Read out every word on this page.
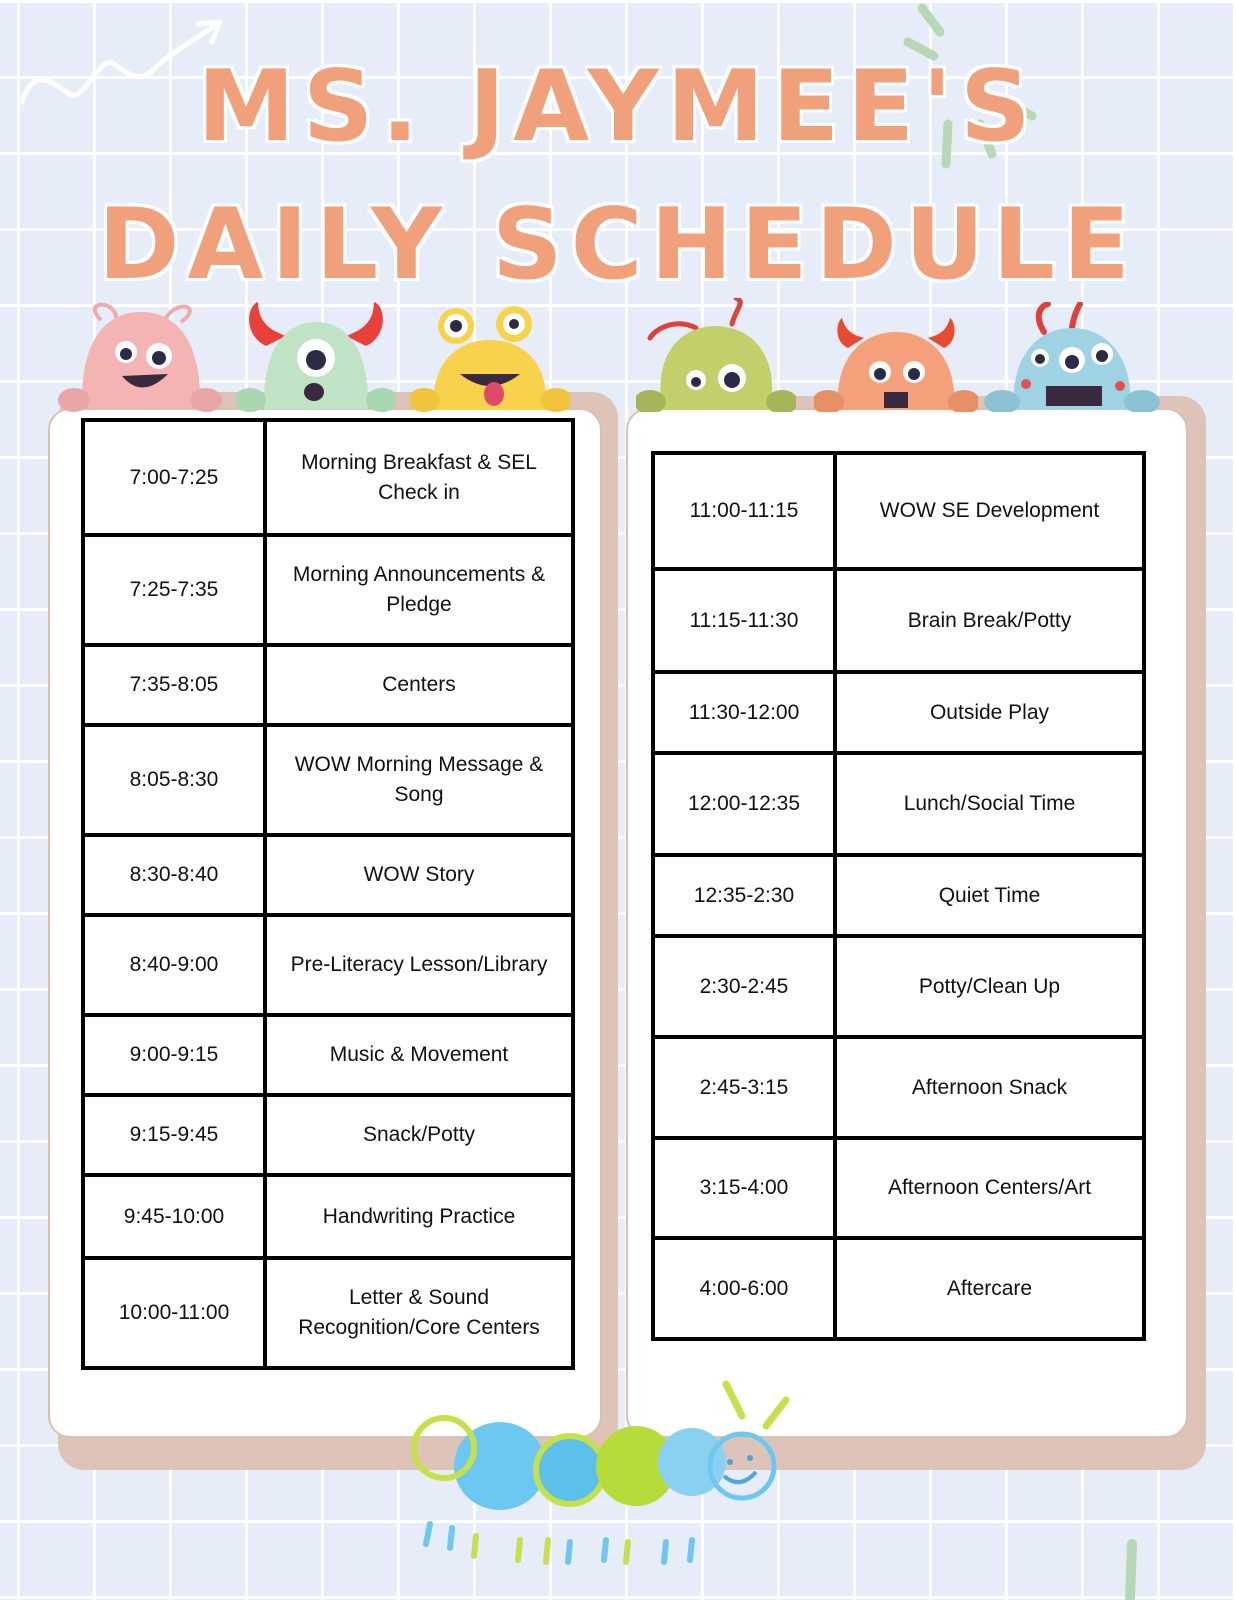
MS. JAYMEE'S
DAILY SCHEDULE
7:00-7:25	Morning Breakfast & SEL Check in
7:25-7:35	Morning Announcements & Pledge
7:35-8:05	Centers
8:05-8:30	WOW Morning Message & Song
8:30-8:40	WOW Story
8:40-9:00	Pre-Literacy Lesson/Library
9:00-9:15	Music & Movement
9:15-9:45	Snack/Potty
9:45-10:00	Handwriting Practice
10:00-11:00	Letter & Sound Recognition/Core Centers
11:00-11:15	WOW SE Development
11:15-11:30	Brain Break/Potty
11:30-12:00	Outside Play
12:00-12:35	Lunch/Social Time
12:35-2:30	Quiet Time
2:30-2:45	Potty/Clean Up
2:45-3:15	Afternoon Snack
3:15-4:00	Afternoon Centers/Art
4:00-6:00	Aftercare
